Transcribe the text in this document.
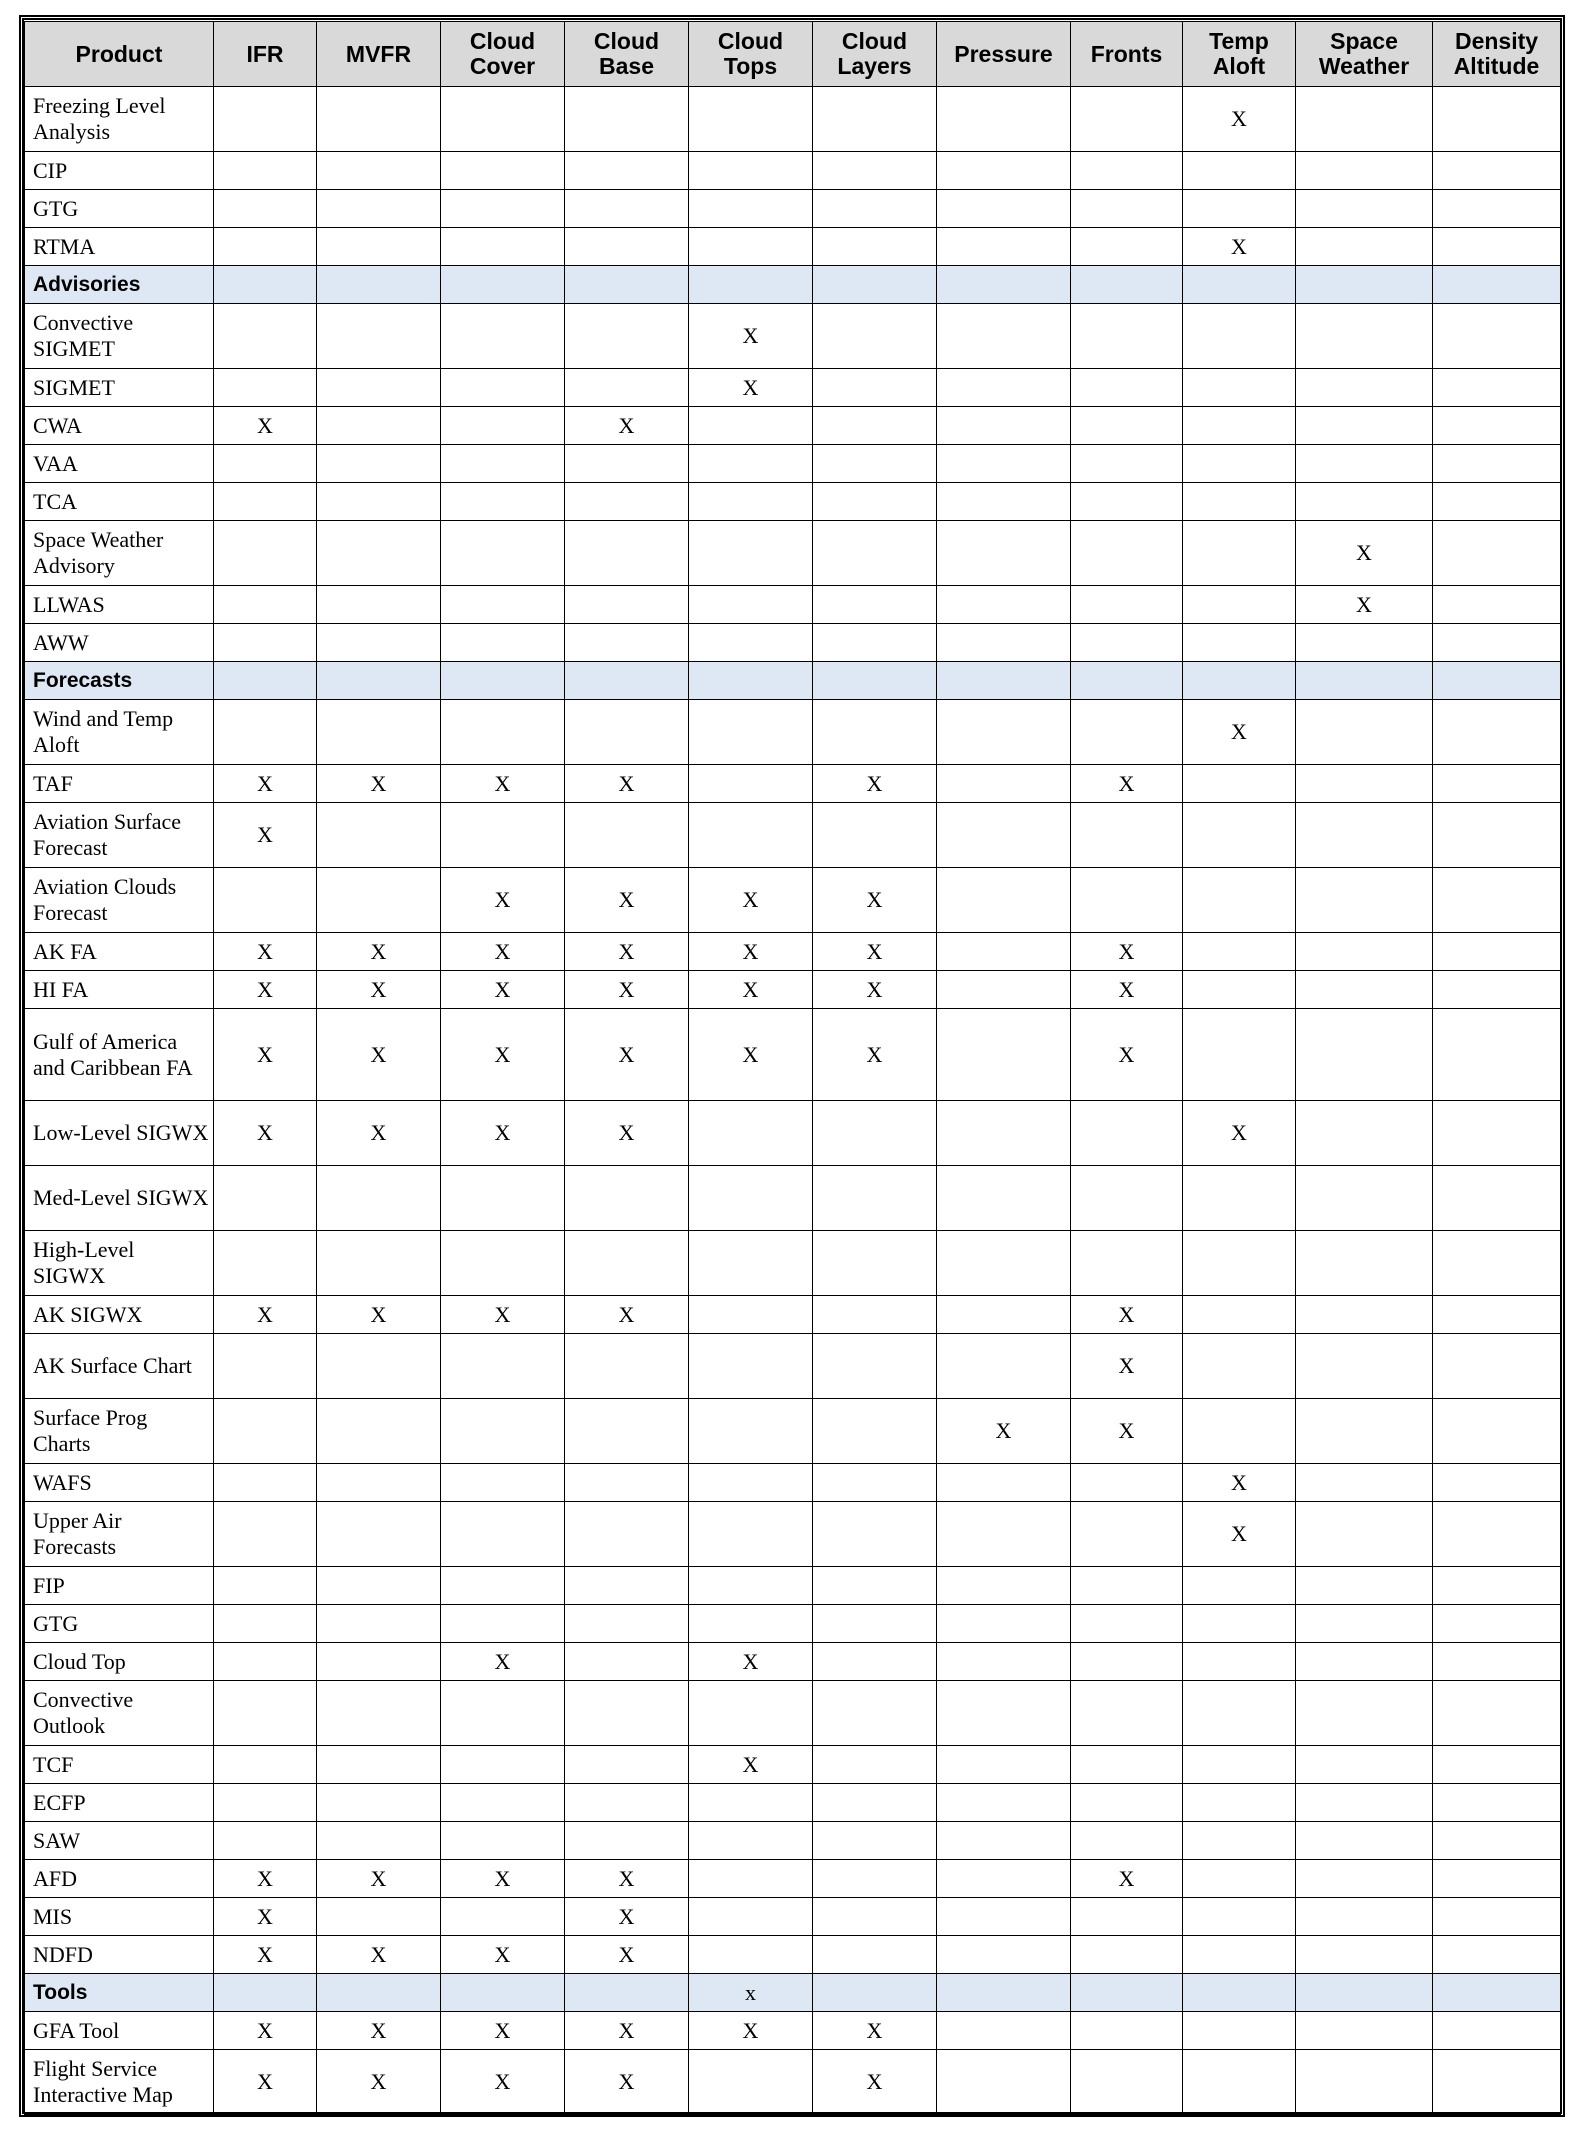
Product	IFR	MVFR	Cloud Cover	Cloud Base	Cloud Tops	Cloud Layers	Pressure	Fronts	Temp Aloft	Space Weather	Density Altitude
Freezing Level Analysis									X		
CIP											
GTG											
RTMA									X		
Advisories											
Convective SIGMET					X						
SIGMET					X						
CWA	X			X							
VAA											
TCA											
Space Weather Advisory										X	
LLWAS										X	
AWW											
Forecasts											
Wind and Temp Aloft									X		
TAF	X	X	X	X		X		X			
Aviation Surface Forecast	X										
Aviation Clouds Forecast			X	X	X	X					
AK FA	X	X	X	X	X	X		X			
HI FA	X	X	X	X	X	X		X			
Gulf of America and Caribbean FA	X	X	X	X	X	X		X			
Low-Level SIGWX	X	X	X	X					X		
Med-Level SIGWX											
High-Level SIGWX											
AK SIGWX	X	X	X	X				X			
AK Surface Chart								X			
Surface Prog Charts							X	X			
WAFS									X		
Upper Air Forecasts									X		
FIP											
GTG											
Cloud Top			X		X						
Convective Outlook											
TCF					X						
ECFP											
SAW											
AFD	X	X	X	X				X			
MIS	X			X							
NDFD	X	X	X	X							
Tools					x						
GFA Tool	X	X	X	X	X	X					
Flight Service Interactive Map	X	X	X	X		X					
